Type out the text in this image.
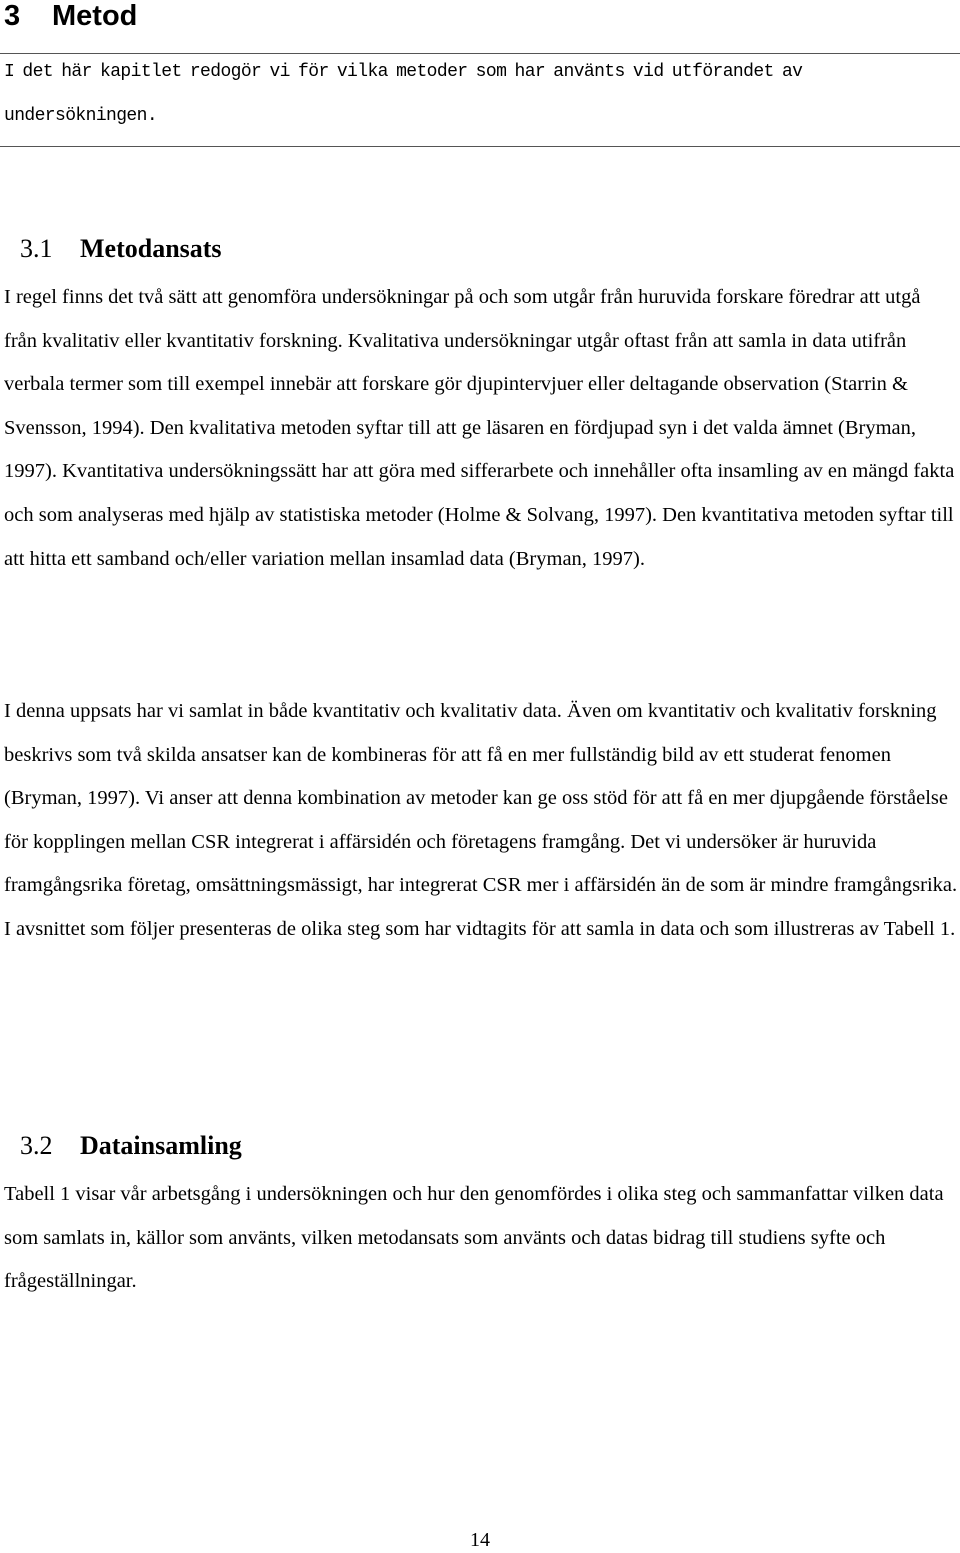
3 Metod

I det här kapitlet redogör vi för vilka metoder som har använts vid utförandet av undersökningen.

3.1 Metodansats

I regel finns det två sätt att genomföra undersökningar på och som utgår från huruvida forskare föredrar att utgå från kvalitativ eller kvantitativ forskning. Kvalitativa undersökningar utgår oftast från att samla in data utifrån verbala termer som till exempel innebär att forskare gör djupintervjuer eller deltagande observation (Starrin & Svensson, 1994). Den kvalitativa metoden syftar till att ge läsaren en fördjupad syn i det valda ämnet (Bryman, 1997). Kvantitativa undersökningssätt har att göra med sifferarbete och innehåller ofta insamling av en mängd fakta och som analyseras med hjälp av statistiska metoder (Holme & Solvang, 1997). Den kvantitativa metoden syftar till att hitta ett samband och/eller variation mellan insamlad data (Bryman, 1997).

I denna uppsats har vi samlat in både kvantitativ och kvalitativ data. Även om kvantitativ och kvalitativ forskning beskrivs som två skilda ansatser kan de kombineras för att få en mer fullständig bild av ett studerat fenomen (Bryman, 1997). Vi anser att denna kombination av metoder kan ge oss stöd för att få en mer djupgående förståelse för kopplingen mellan CSR integrerat i affärsidén och företagens framgång. Det vi undersöker är huruvida framgångsrika företag, omsättningsmässigt, har integrerat CSR mer i affärsidén än de som är mindre framgångsrika. I avsnittet som följer presenteras de olika steg som har vidtagits för att samla in data och som illustreras av Tabell 1.

3.2 Datainsamling

Tabell 1 visar vår arbetsgång i undersökningen och hur den genomfördes i olika steg och sammanfattar vilken data som samlats in, källor som använts, vilken metodansats som använts och datas bidrag till studiens syfte och frågeställningar.

14
